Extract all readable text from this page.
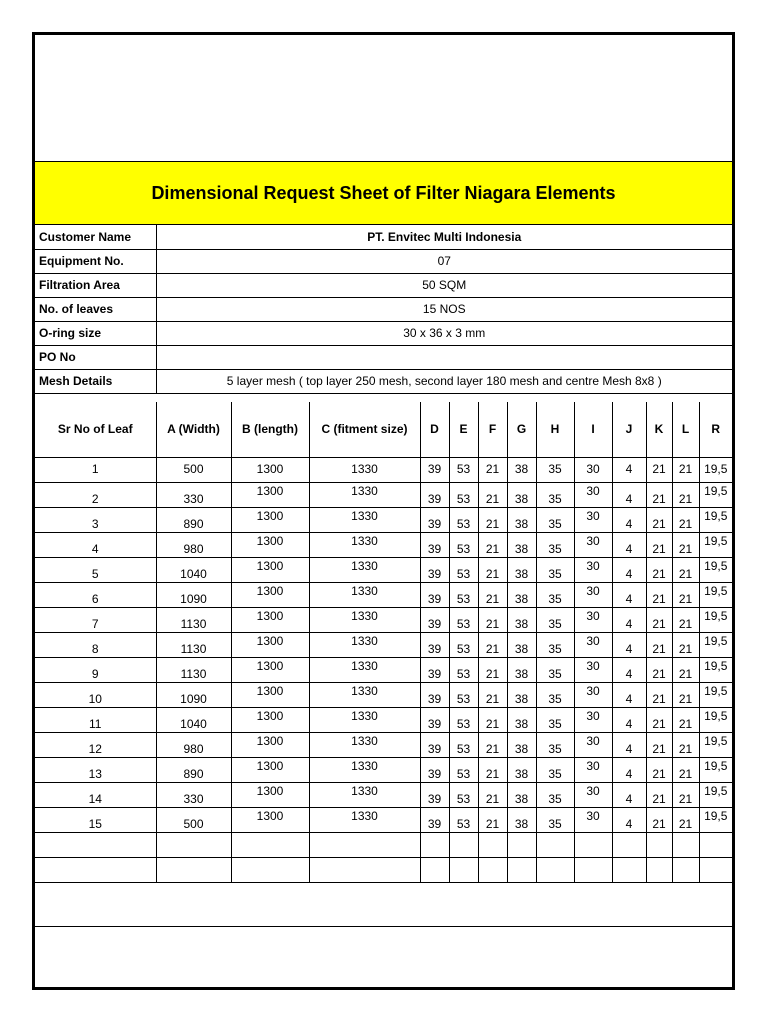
Dimensional Request Sheet of Filter Niagara Elements
Customer Name	PT. Envitec Multi Indonesia
Equipment No.	07
Filtration Area	50 SQM
No. of leaves	15 NOS
O-ring size	30 x 36 x 3 mm
PO No	
Mesh Details	5 layer mesh ( top layer 250 mesh, second layer 180 mesh and centre Mesh 8x8 )
Sr No of Leaf	A (Width)	B (length)	C (fitment size)	D	E	F	G	H	I	J	K	L	R
1	500	1300	1330	39	53	21	38	35	30	4	21	21	19,5
2	330	1300	1330	39	53	21	38	35	30	4	21	21	19,5
3	890	1300	1330	39	53	21	38	35	30	4	21	21	19,5
4	980	1300	1330	39	53	21	38	35	30	4	21	21	19,5
5	1040	1300	1330	39	53	21	38	35	30	4	21	21	19,5
6	1090	1300	1330	39	53	21	38	35	30	4	21	21	19,5
7	1130	1300	1330	39	53	21	38	35	30	4	21	21	19,5
8	1130	1300	1330	39	53	21	38	35	30	4	21	21	19,5
9	1130	1300	1330	39	53	21	38	35	30	4	21	21	19,5
10	1090	1300	1330	39	53	21	38	35	30	4	21	21	19,5
11	1040	1300	1330	39	53	21	38	35	30	4	21	21	19,5
12	980	1300	1330	39	53	21	38	35	30	4	21	21	19,5
13	890	1300	1330	39	53	21	38	35	30	4	21	21	19,5
14	330	1300	1330	39	53	21	38	35	30	4	21	21	19,5
15	500	1300	1330	39	53	21	38	35	30	4	21	21	19,5
